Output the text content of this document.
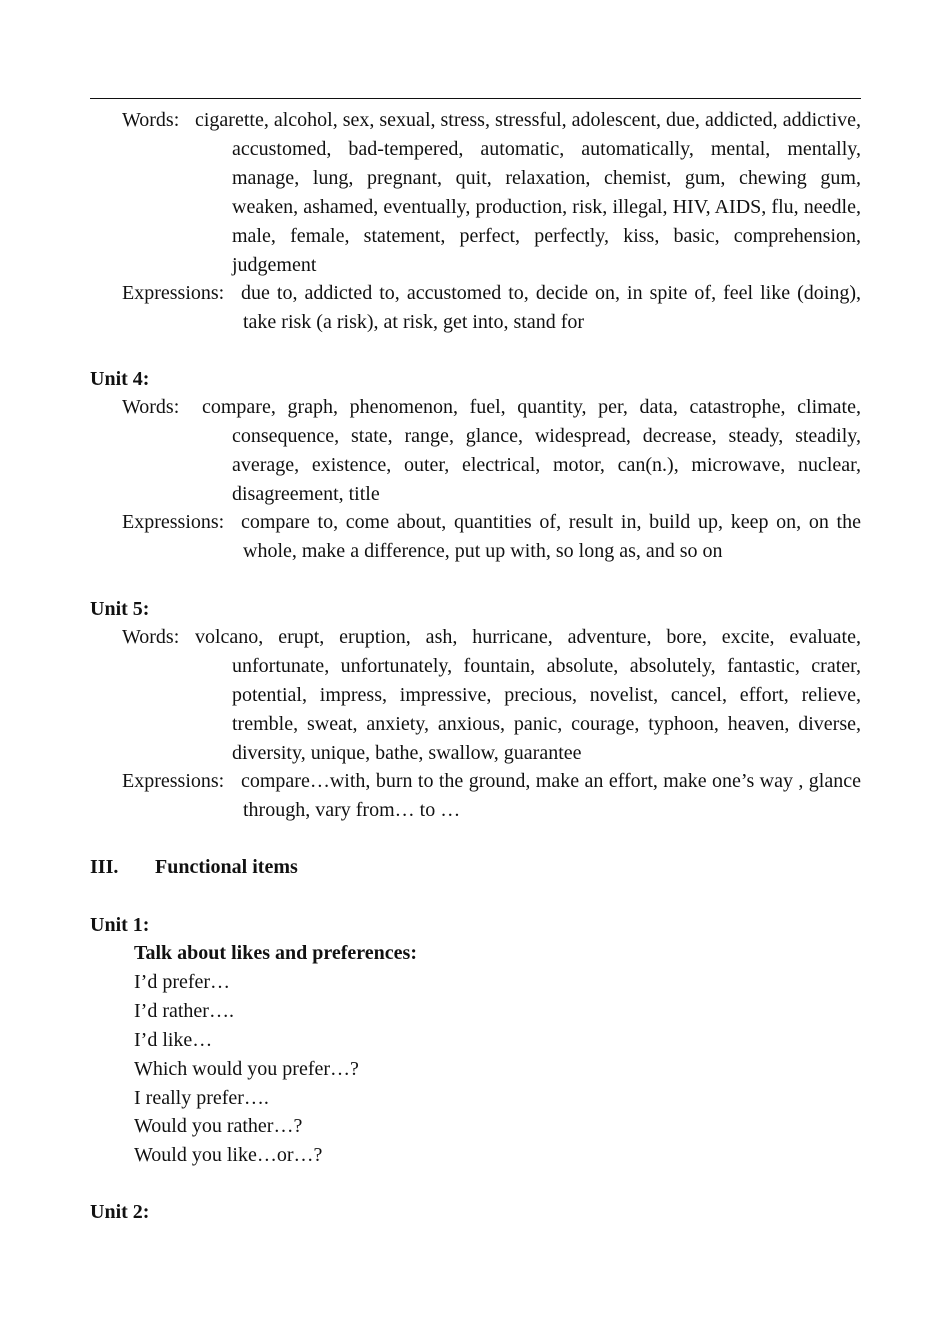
Words: cigarette, alcohol, sex, sexual, stress, stressful, adolescent, due, addicted, addictive, accustomed, bad-tempered, automatic, automatically, mental, mentally, manage, lung, pregnant, quit, relaxation, chemist, gum, chewing gum, weaken, ashamed, eventually, production, risk, illegal, HIV, AIDS, flu, needle, male, female, statement, perfect, perfectly, kiss, basic, comprehension, judgement
Expressions: due to, addicted to, accustomed to, decide on, in spite of, feel like (doing), take risk (a risk), at risk, get into, stand for
Unit 4:
Words:	compare, graph, phenomenon, fuel, quantity, per, data, catastrophe, climate, consequence, state, range, glance, widespread, decrease, steady, steadily, average, existence, outer, electrical, motor, can(n.), microwave, nuclear, disagreement, title
Expressions: compare to, come about, quantities of, result in, build up, keep on, on the whole, make a difference, put up with, so long as, and so on
Unit 5:
Words: volcano, erupt, eruption, ash, hurricane, adventure, bore, excite, evaluate, unfortunate, unfortunately, fountain, absolute, absolutely, fantastic, crater, potential, impress, impressive, precious, novelist, cancel, effort, relieve, tremble, sweat, anxiety, anxious, panic, courage, typhoon, heaven, diverse, diversity, unique, bathe, swallow, guarantee
Expressions: compare…with, burn to the ground, make an effort, make one’s way , glance through, vary from… to …
III. Functional items
Unit 1:
Talk about likes and preferences:
I’d prefer…
I’d rather….
I’d like…
Which would you prefer…?
I really prefer….
Would you rather…?
Would you like…or…?
Unit 2:
